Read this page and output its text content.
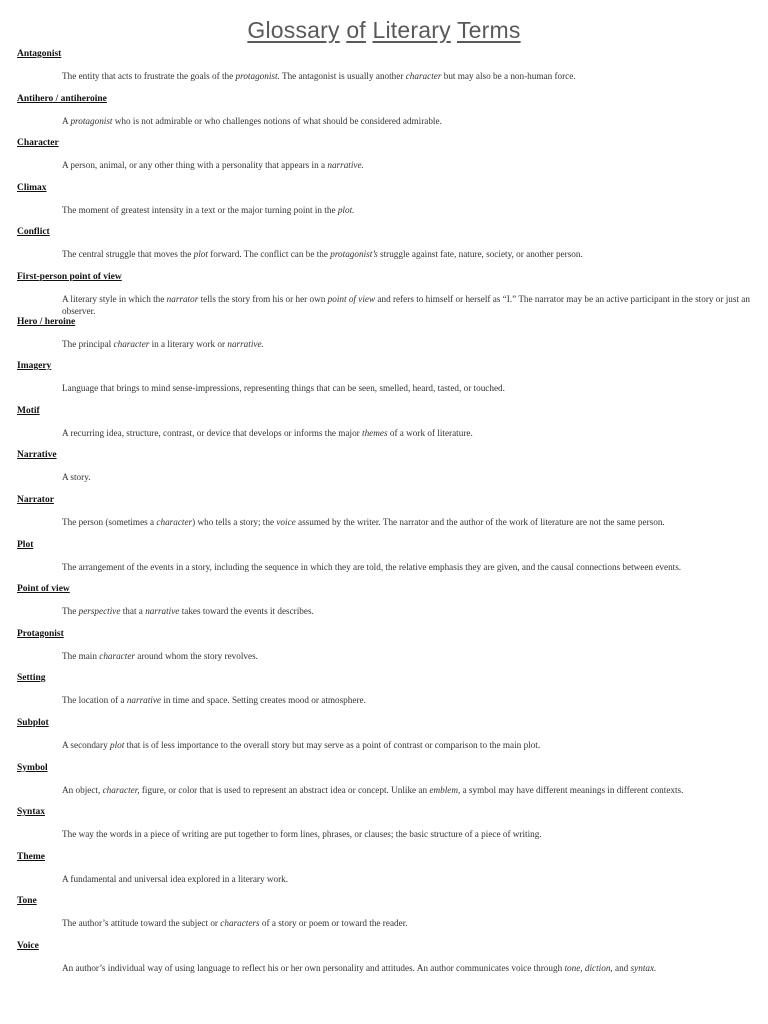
Glossary of Literary Terms
Antagonist
The entity that acts to frustrate the goals of the protagonist. The antagonist is usually another character but may also be a non-human force.
Antihero / antiheroine
A protagonist who is not admirable or who challenges notions of what should be considered admirable.
Character
A person, animal, or any other thing with a personality that appears in a narrative.
Climax
The moment of greatest intensity in a text or the major turning point in the plot.
Conflict
The central struggle that moves the plot forward. The conflict can be the protagonist’s struggle against fate, nature, society, or another person.
First-person point of view
A literary style in which the narrator tells the story from his or her own point of view and refers to himself or herself as “I.” The narrator may be an active participant in the story or just an observer.
Hero / heroine
The principal character in a literary work or narrative.
Imagery
Language that brings to mind sense-impressions, representing things that can be seen, smelled, heard, tasted, or touched.
Motif
A recurring idea, structure, contrast, or device that develops or informs the major themes of a work of literature.
Narrative
A story.
Narrator
The person (sometimes a character) who tells a story; the voice assumed by the writer. The narrator and the author of the work of literature are not the same person.
Plot
The arrangement of the events in a story, including the sequence in which they are told, the relative emphasis they are given, and the causal connections between events.
Point of view
The perspective that a narrative takes toward the events it describes.
Protagonist
The main character around whom the story revolves.
Setting
The location of a narrative in time and space. Setting creates mood or atmosphere.
Subplot
A secondary plot that is of less importance to the overall story but may serve as a point of contrast or comparison to the main plot.
Symbol
An object, character, figure, or color that is used to represent an abstract idea or concept. Unlike an emblem, a symbol may have different meanings in different contexts.
Syntax
The way the words in a piece of writing are put together to form lines, phrases, or clauses; the basic structure of a piece of writing.
Theme
A fundamental and universal idea explored in a literary work.
Tone
The author’s attitude toward the subject or characters of a story or poem or toward the reader.
Voice
An author’s individual way of using language to reflect his or her own personality and attitudes. An author communicates voice through tone, diction, and syntax.
